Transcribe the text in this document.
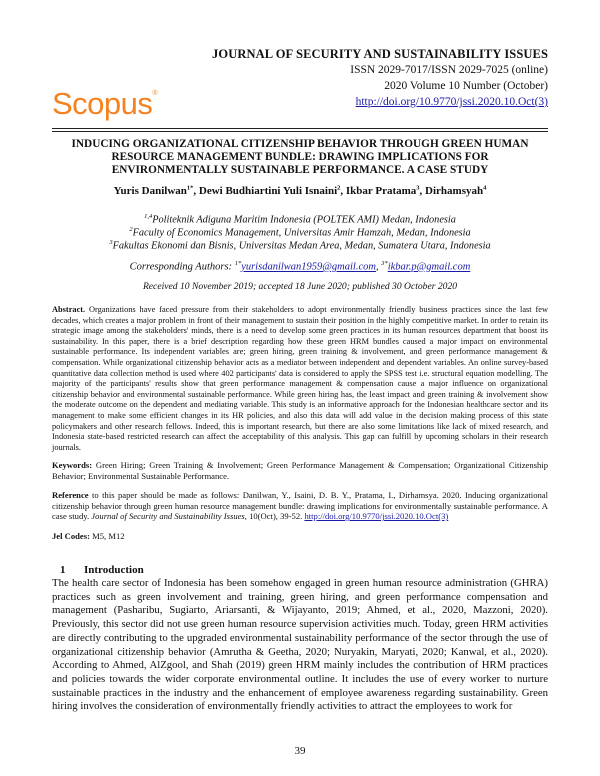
JOURNAL OF SECURITY AND SUSTAINABILITY ISSUES
ISSN 2029-7017/ISSN 2029-7025 (online)
2020 Volume 10 Number (October)
http://doi.org/10.9770/jssi.2020.10.Oct(3)
Scopus®
INDUCING ORGANIZATIONAL CITIZENSHIP BEHAVIOR THROUGH GREEN HUMAN RESOURCE MANAGEMENT BUNDLE: DRAWING IMPLICATIONS FOR ENVIRONMENTALLY SUSTAINABLE PERFORMANCE. A CASE STUDY
Yuris Danilwan$^{1*}$, Dewi Budhiartini Yuli Isnaini$^2$, Ikbar Pratama$^3$, Dirhamsyah$^4$
$^{1,4}$Politeknik Adiguna Maritim Indonesia (POLTEK AMI) Medan, Indonesia
$^2$Faculty of Economics Management, Universitas Amir Hamzah, Medan, Indonesia
$^3$Fakultas Ekonomi dan Bisnis, Universitas Medan Area, Medan, Sumatera Utara, Indonesia
Corresponding Authors: $^{1*}$yurisdanilwan1959@gmail.com, $^{3*}$ikbar.p@gmail.com
Received 10 November 2019; accepted 18 June 2020; published 30 October 2020
Abstract. Organizations have faced pressure from their stakeholders to adopt environmentally friendly business practices since the last few decades, which creates a major problem in front of their management to sustain their position in the highly competitive market. In order to retain its strategic image among the stakeholders' minds, there is a need to develop some green practices in its human resources department that boost its sustainability. In this paper, there is a brief description regarding how these green HRM bundles caused a major impact on environmental sustainable performance. Its independent variables are; green hiring, green training & involvement, and green performance management & compensation. While organizational citizenship behavior acts as a mediator between independent and dependent variables. An online survey-based quantitative data collection method is used where 402 participants' data is considered to apply the SPSS test i.e. structural equation modelling. The majority of the participants' results show that green performance management & compensation cause a major influence on organizational citizenship behavior and environmental sustainable performance. While green hiring has, the least impact and green training & involvement show the moderate outcome on the dependent and mediating variable. This study is an informative approach for the Indonesian healthcare sector and its management to make some efficient changes in its HR policies, and also this data will add value in the decision making process of this state policymakers and other research fellows. Indeed, this is important research, but there are also some limitations like lack of mixed research, and Indonesia state-based restricted research can affect the acceptability of this analysis. This gap can fulfill by upcoming scholars in their research journals.
Keywords: Green Hiring; Green Training & Involvement; Green Performance Management & Compensation; Organizational Citizenship Behavior; Environmental Sustainable Performance.
Reference to this paper should be made as follows: Danilwan, Y., Isaini, D. B. Y., Pratama, I., Dirhamsya. 2020. Inducing organizational citizenship behavior through green human resource management bundle: drawing implications for environmentally sustainable performance. A case study. Journal of Security and Sustainability Issues, 10(Oct), 39-52. http://doi.org/10.9770/jssi.2020.10.Oct(3)
Jel Codes: M5, M12
1 Introduction
The health care sector of Indonesia has been somehow engaged in green human resource administration (GHRA) practices such as green involvement and training, green hiring, and green performance compensation and management (Pasharibu, Sugiarto, Ariarsanti, & Wijayanto, 2019; Ahmed, et al., 2020, Mazzoni, 2020). Previously, this sector did not use green human resource supervision activities much. Today, green HRM activities are directly contributing to the upgraded environmental sustainability performance of the sector through the use of organizational citizenship behavior (Amrutha & Geetha, 2020; Nuryakin, Maryati, 2020; Kanwal, et al., 2020). According to Ahmed, AlZgool, and Shah (2019) green HRM mainly includes the contribution of HRM practices and policies towards the wider corporate environmental outline. It includes the use of every worker to nurture sustainable practices in the industry and the enhancement of employee awareness regarding sustainability. Green hiring involves the consideration of environmentally friendly activities to attract the employees to work for
39
